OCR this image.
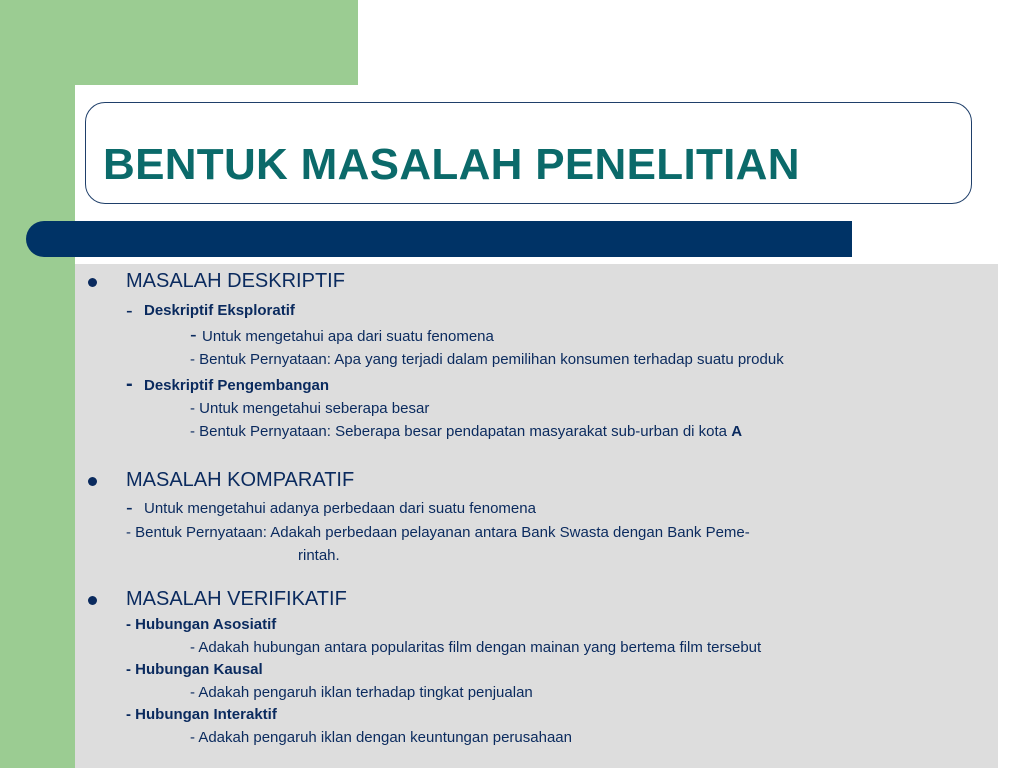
BENTUK MASALAH PENELITIAN
MASALAH DESKRIPTIF
- Deskriptif Eksploratif
- Untuk mengetahui apa dari suatu fenomena
- Bentuk Pernyataan: Apa yang terjadi dalam pemilihan konsumen terhadap suatu produk
- Deskriptif Pengembangan
- Untuk mengetahui seberapa besar
- Bentuk Pernyataan: Seberapa besar pendapatan masyarakat sub-urban di kota A
MASALAH KOMPARATIF
- Untuk mengetahui adanya perbedaan dari suatu fenomena
- Bentuk Pernyataan: Adakah perbedaan pelayanan antara Bank Swasta dengan Bank Peme-
rintah.
MASALAH VERIFIKATIF
- Hubungan Asosiatif
- Adakah hubungan antara popularitas film dengan mainan yang bertema film tersebut
- Hubungan Kausal
- Adakah pengaruh iklan terhadap tingkat penjualan
- Hubungan Interaktif
- Adakah pengaruh iklan dengan keuntungan perusahaan
